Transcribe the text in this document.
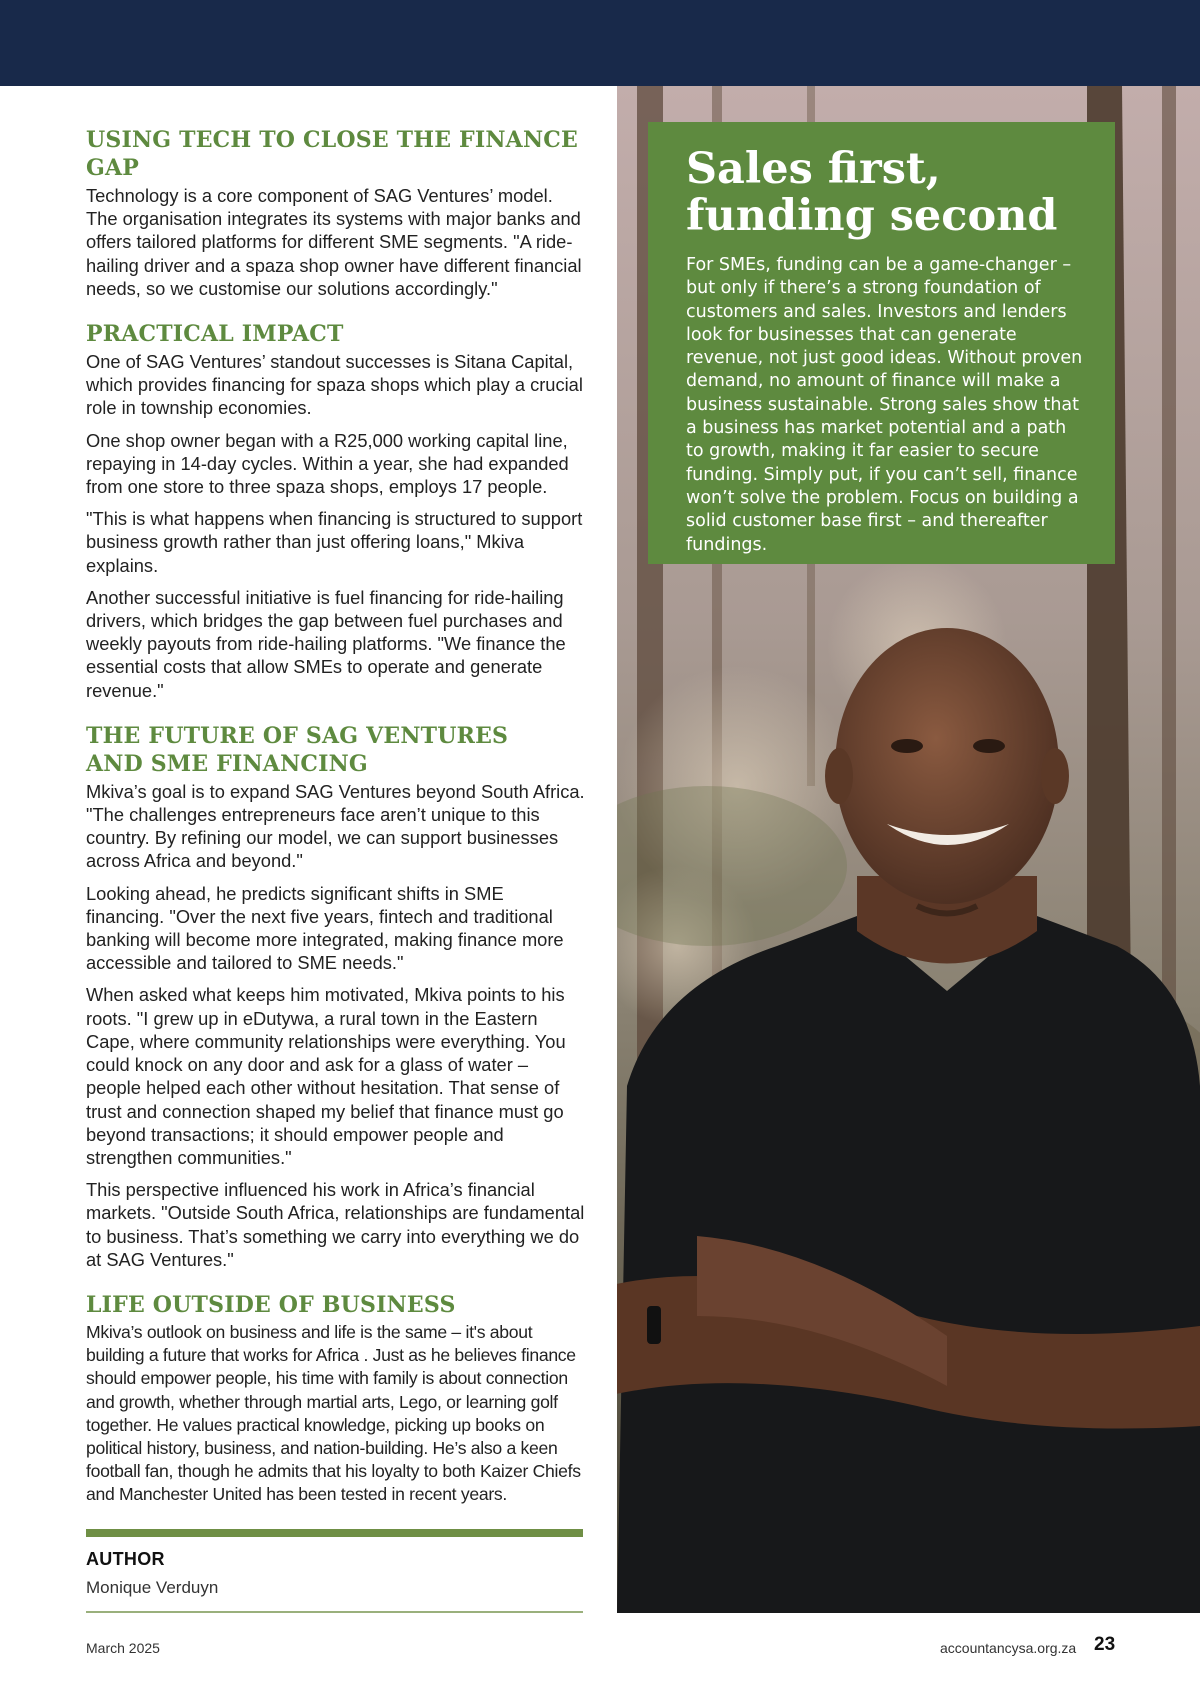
Sales first,
funding second

For SMEs, funding can be a game-changer – but only if there’s a strong foundation of customers and sales. Investors and lenders look for businesses that can generate revenue, not just good ideas. Without proven demand, no amount of finance will make a business sustainable. Strong sales show that a business has market potential and a path to growth, making it far easier to secure funding. Simply put, if you can’t sell, finance won’t solve the problem. Focus on building a solid customer base first – and thereafter fundings.

USING TECH TO CLOSE THE FINANCE GAP

Technology is a core component of SAG Ventures’ model. The organisation integrates its systems with major banks and offers tailored platforms for different SME segments. "A ride-hailing driver and a spaza shop owner have different financial needs, so we customise our solutions accordingly."

PRACTICAL IMPACT

One of SAG Ventures’ standout successes is Sitana Capital, which provides financing for spaza shops which play a crucial role in township economies.

One shop owner began with a R25,000 working capital line, repaying in 14-day cycles. Within a year, she had expanded from one store to three spaza shops, employs 17 people.

"This is what happens when financing is structured to support business growth rather than just offering loans," Mkiva explains.

Another successful initiative is fuel financing for ride-hailing drivers, which bridges the gap between fuel purchases and weekly payouts from ride-hailing platforms. "We finance the essential costs that allow SMEs to operate and generate revenue."

THE FUTURE OF SAG VENTURES
AND SME FINANCING

Mkiva’s goal is to expand SAG Ventures beyond South Africa. "The challenges entrepreneurs face aren’t unique to this country. By refining our model, we can support businesses across Africa and beyond."

Looking ahead, he predicts significant shifts in SME financing. "Over the next five years, fintech and traditional banking will become more integrated, making finance more accessible and tailored to SME needs."

When asked what keeps him motivated, Mkiva points to his roots. "I grew up in eDutywa, a rural town in the Eastern Cape, where community relationships were everything. You could knock on any door and ask for a glass of water – people helped each other without hesitation. That sense of trust and connection shaped my belief that finance must go beyond transactions; it should empower people and strengthen communities."

This perspective influenced his work in Africa’s financial markets. "Outside South Africa, relationships are fundamental to business. That’s something we carry into everything we do at SAG Ventures."

LIFE OUTSIDE OF BUSINESS

Mkiva’s outlook on business and life is the same – it's about building a future that works for Africa . Just as he believes finance should empower people, his time with family is about connection and growth, whether through martial arts, Lego, or learning golf together. He values practical knowledge, picking up books on political history, business, and nation-building. He’s also a keen football fan, though he admits that his loyalty to both Kaizer Chiefs and Manchester United has been tested in recent years.

AUTHOR
Monique Verduyn
March 2025	accountancysa.org.za 23
